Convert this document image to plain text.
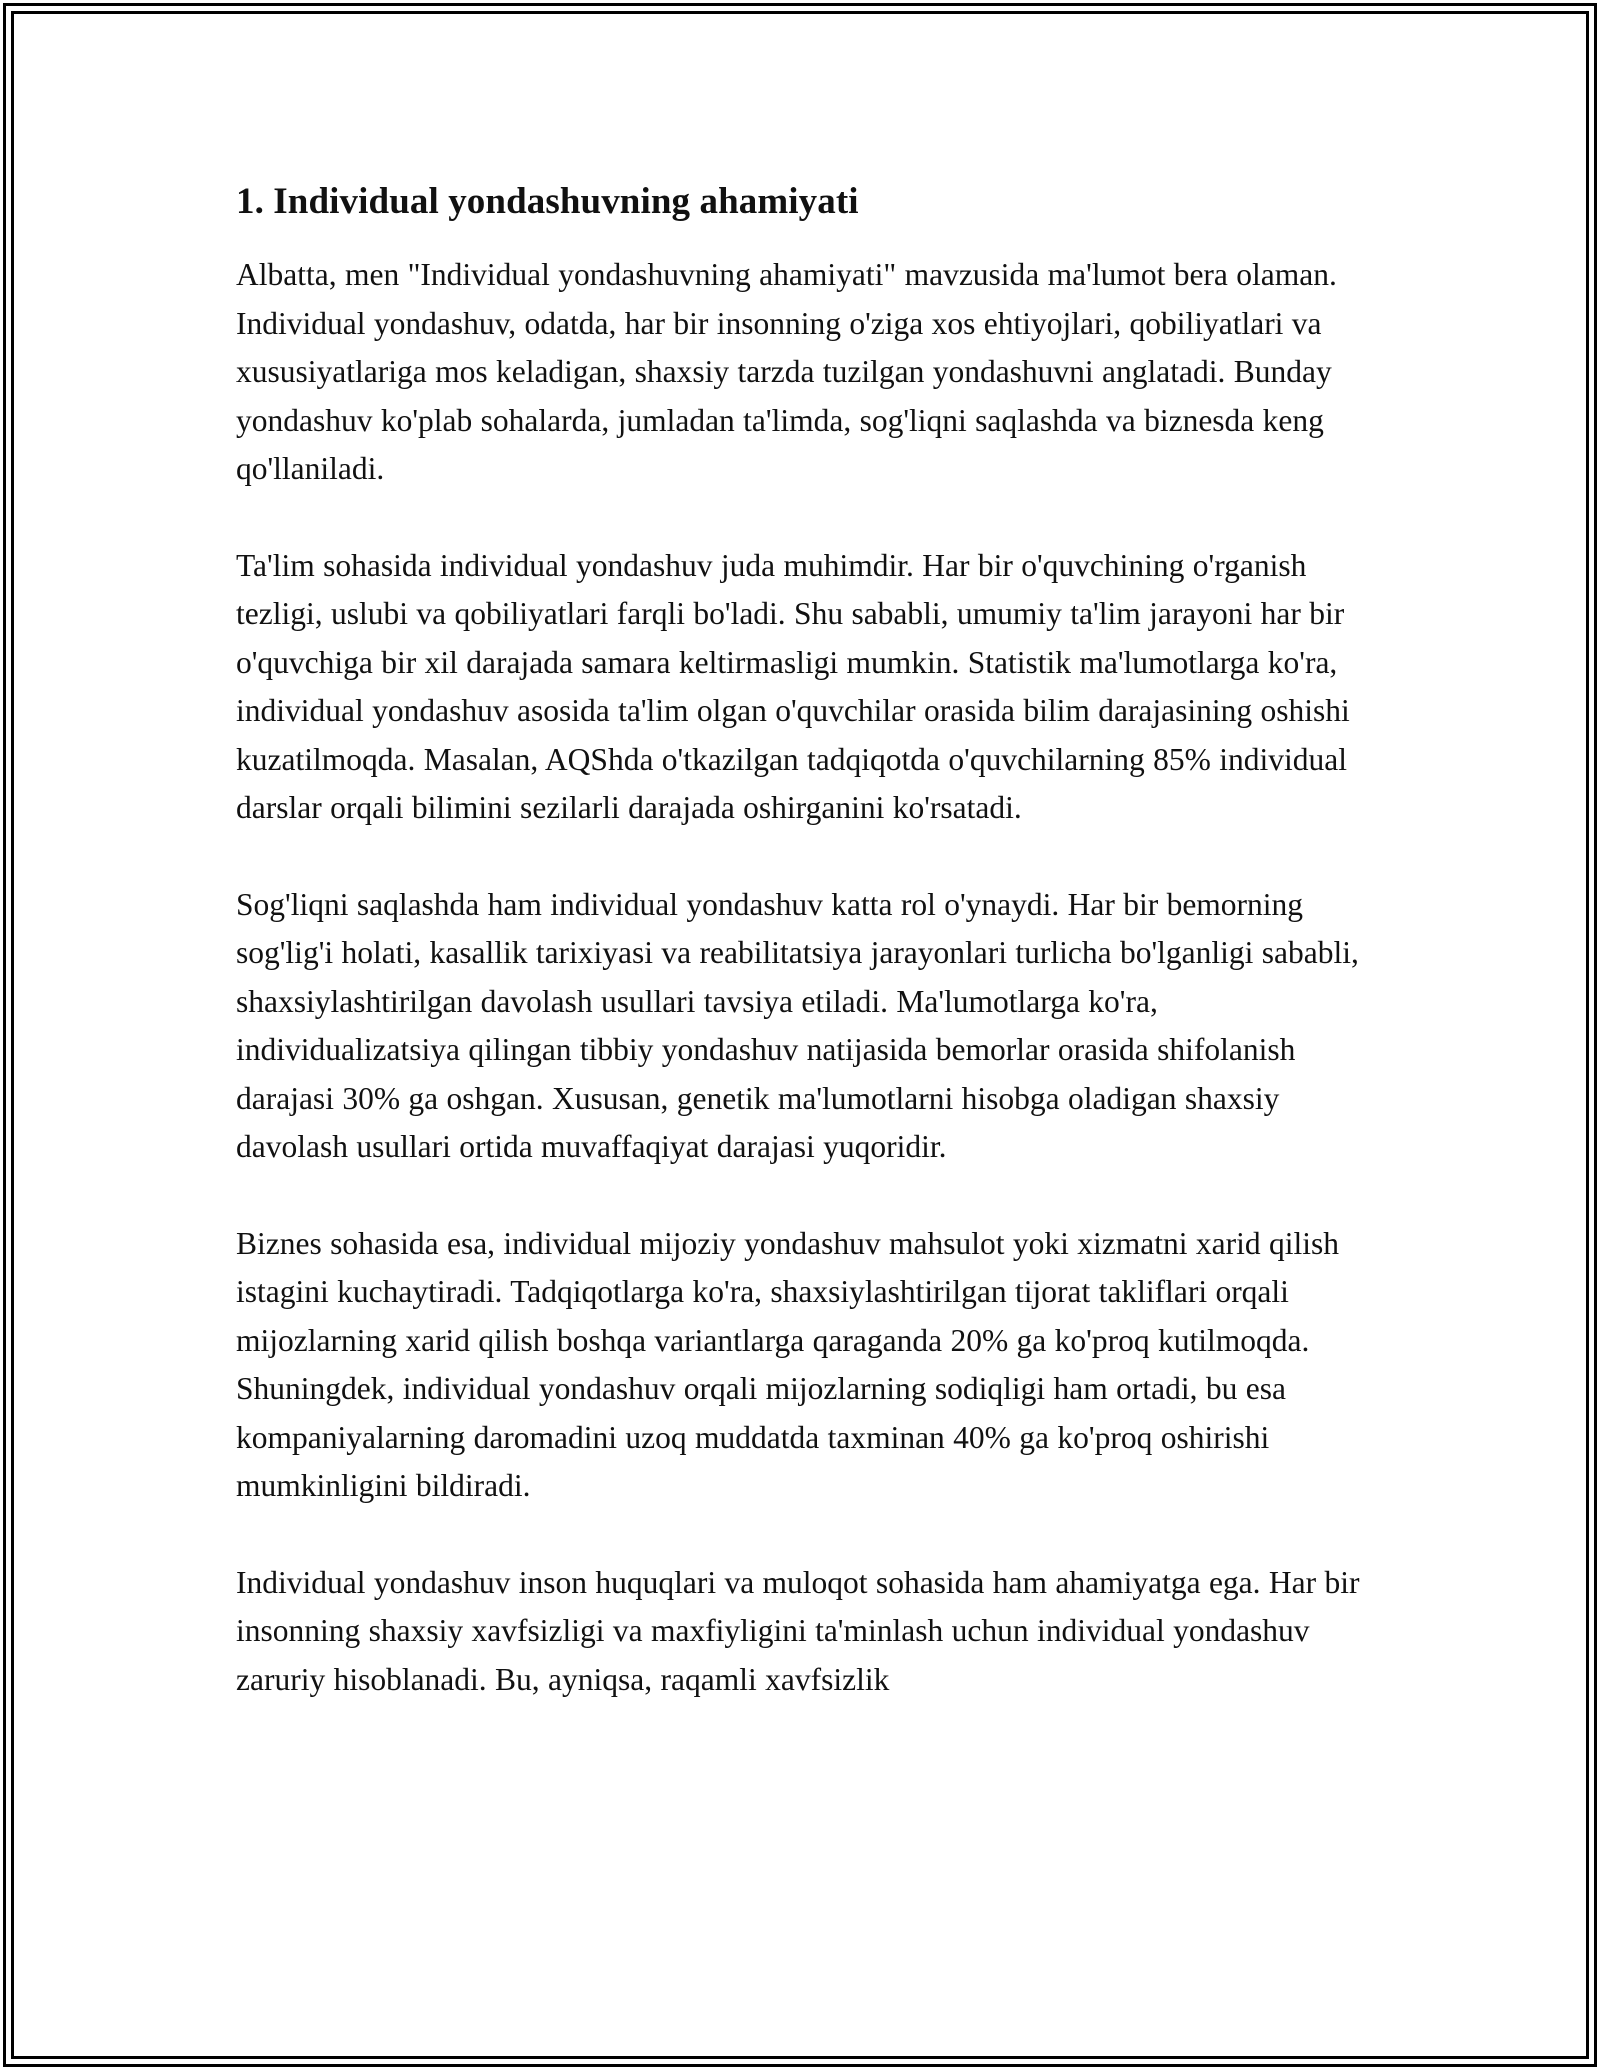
1. Individual yondashuvning ahamiyati

Albatta, men "Individual yondashuvning ahamiyati" mavzusida ma'lumot bera olaman. Individual yondashuv, odatda, har bir insonning o'ziga xos ehtiyojlari, qobiliyatlari va xususiyatlariga mos keladigan, shaxsiy tarzda tuzilgan yondashuvni anglatadi. Bunday yondashuv ko'plab sohalarda, jumladan ta'limda, sog'liqni saqlashda va biznesda keng qo'llaniladi.

Ta'lim sohasida individual yondashuv juda muhimdir. Har bir o'quvchining o'rganish tezligi, uslubi va qobiliyatlari farqli bo'ladi. Shu sababli, umumiy ta'lim jarayoni har bir o'quvchiga bir xil darajada samara keltirmasligi mumkin. Statistik ma'lumotlarga ko'ra, individual yondashuv asosida ta'lim olgan o'quvchilar orasida bilim darajasining oshishi kuzatilmoqda. Masalan, AQShda o'tkazilgan tadqiqotda o'quvchilarning 85% individual darslar orqali bilimini sezilarli darajada oshirganini ko'rsatadi.

Sog'liqni saqlashda ham individual yondashuv katta rol o'ynaydi. Har bir bemorning sog'lig'i holati, kasallik tarixiyasi va reabilitatsiya jarayonlari turlicha bo'lganligi sababli, shaxsiylashtirilgan davolash usullari tavsiya etiladi. Ma'lumotlarga ko'ra, individualizatsiya qilingan tibbiy yondashuv natijasida bemorlar orasida shifolanish darajasi 30% ga oshgan. Xususan, genetik ma'lumotlarni hisobga oladigan shaxsiy davolash usullari ortida muvaffaqiyat darajasi yuqoridir.

Biznes sohasida esa, individual mijoziy yondashuv mahsulot yoki xizmatni xarid qilish istagini kuchaytiradi. Tadqiqotlarga ko'ra, shaxsiylashtirilgan tijorat takliflari orqali mijozlarning xarid qilish boshqa variantlarga qaraganda 20% ga ko'proq kutilmoqda. Shuningdek, individual yondashuv orqali mijozlarning sodiqligi ham ortadi, bu esa kompaniyalarning daromadini uzoq muddatda taxminan 40% ga ko'proq oshirishi mumkinligini bildiradi.

Individual yondashuv inson huquqlari va muloqot sohasida ham ahamiyatga ega. Har bir insonning shaxsiy xavfsizligi va maxfiyligini ta'minlash uchun individual yondashuv zaruriy hisoblanadi. Bu, ayniqsa, raqamli xavfsizlik
